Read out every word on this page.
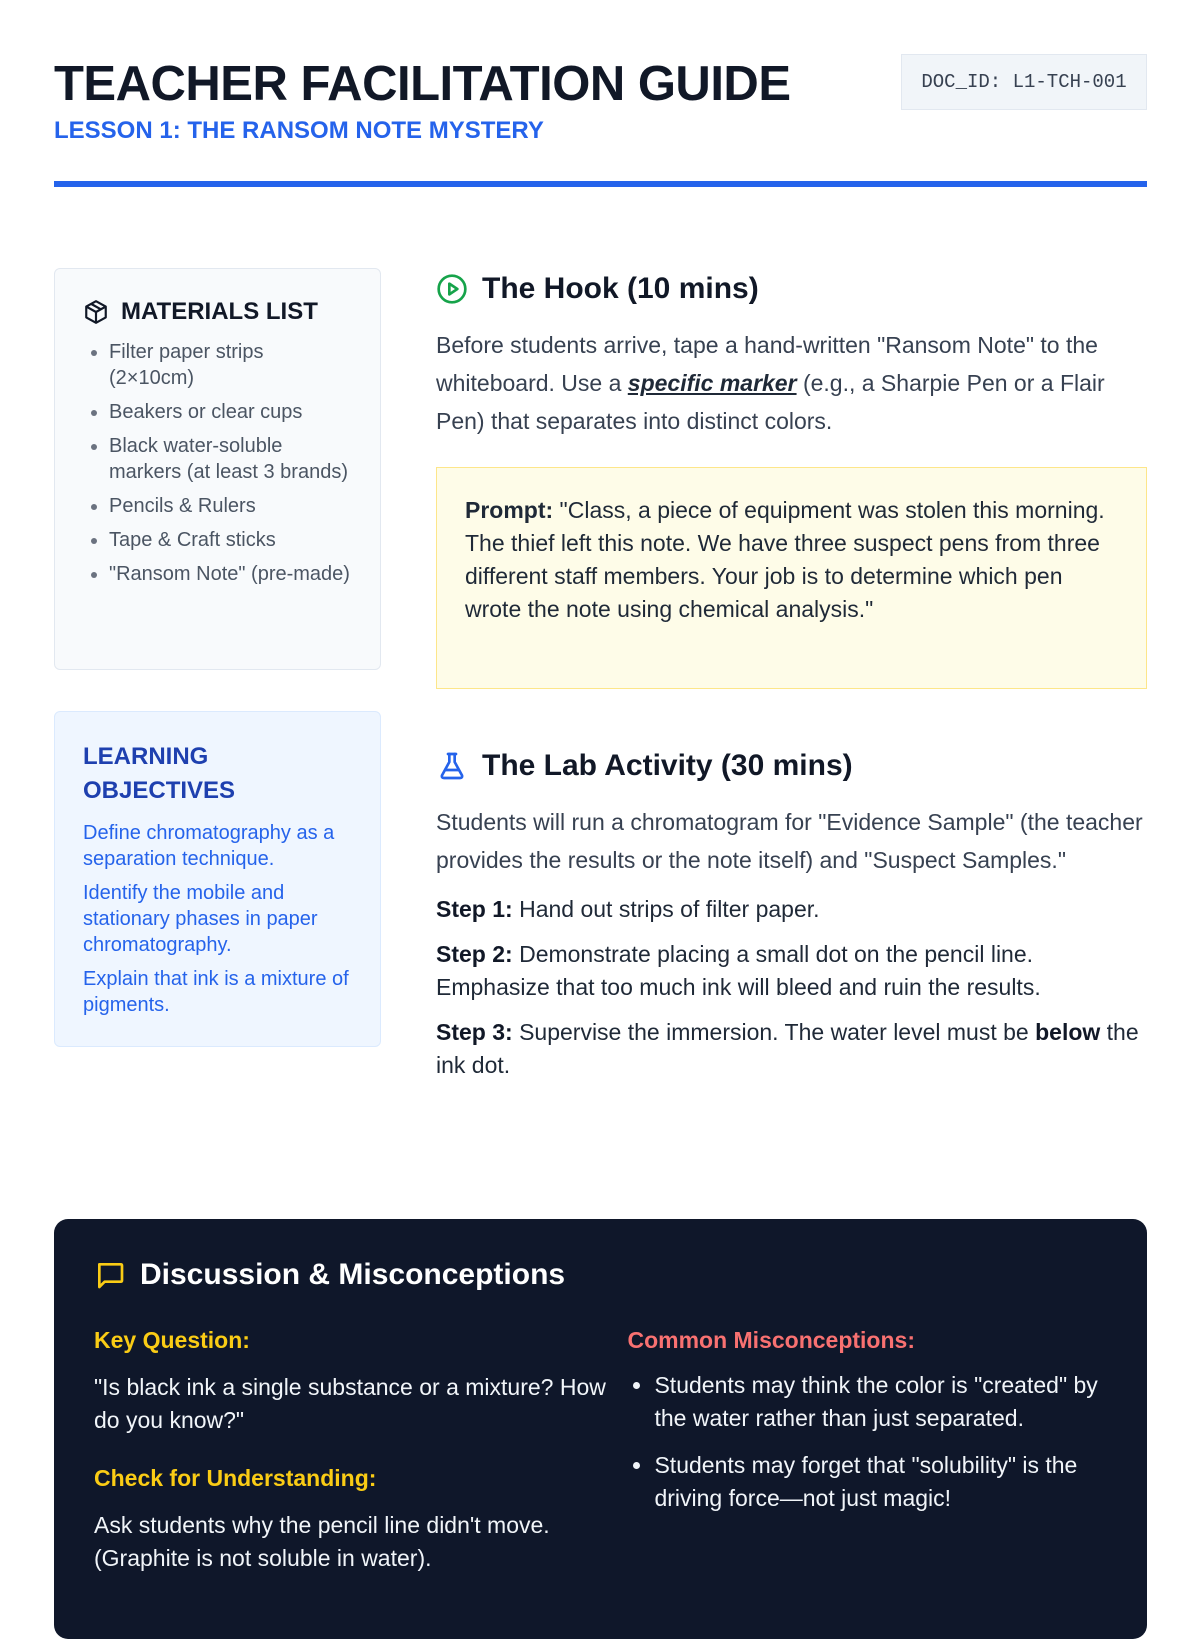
TEACHER FACILITATION GUIDE
LESSON 1: THE RANSOM NOTE MYSTERY
DOC_ID: L1-TCH-001
MATERIALS LIST
• Filter paper strips (2×10cm)
• Beakers or clear cups
• Black water-soluble markers (at least 3 brands)
• Pencils & Rulers
• Tape & Craft sticks
• "Ransom Note" (pre-made)
LEARNING OBJECTIVES
Define chromatography as a separation technique.
Identify the mobile and stationary phases in paper chromatography.
Explain that ink is a mixture of pigments.
The Hook (10 mins)

Before students arrive, tape a hand-written "Ransom Note" to the whiteboard. Use a specific marker (e.g., a Sharpie Pen or a Flair Pen) that separates into distinct colors.

Prompt: "Class, a piece of equipment was stolen this morning. The thief left this note. We have three suspect pens from three different staff members. Your job is to determine which pen wrote the note using chemical analysis."
The Lab Activity (30 mins)

Students will run a chromatogram for "Evidence Sample" (the teacher provides the results or the note itself) and "Suspect Samples."

Step 1: Hand out strips of filter paper.
Step 2: Demonstrate placing a small dot on the pencil line. Emphasize that too much ink will bleed and ruin the results.
Step 3: Supervise the immersion. The water level must be below the ink dot.
Discussion & Misconceptions
Key Question:
"Is black ink a single substance or a mixture? How do you know?"
Check for Understanding:
Ask students why the pencil line didn't move. (Graphite is not soluble in water).
Common Misconceptions:
• Students may think the color is "created" by the water rather than just separated.
• Students may forget that "solubility" is the driving force—not just magic!
